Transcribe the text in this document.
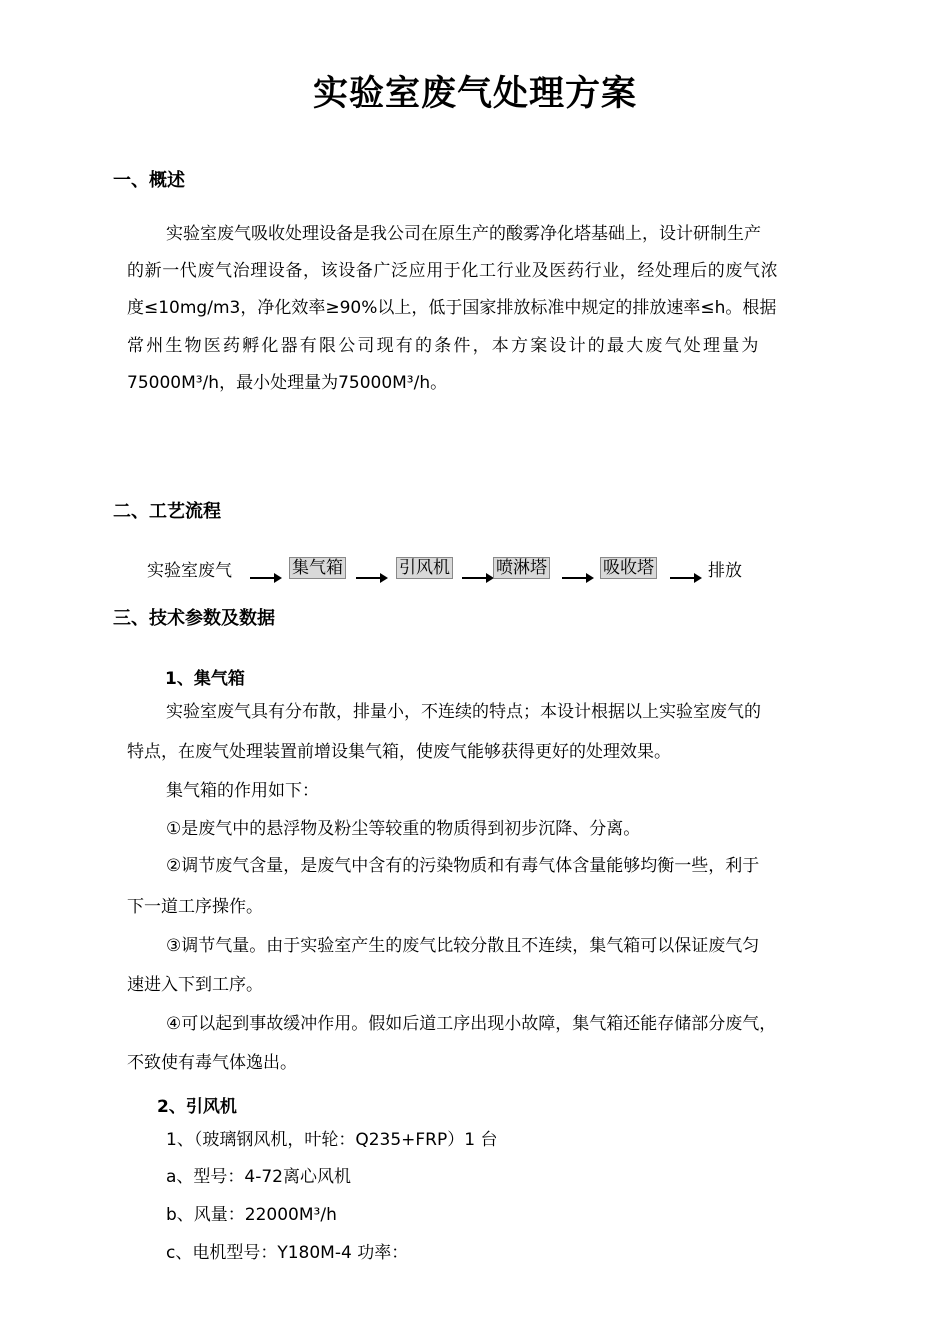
实验室废气处理方案
一、概述
实验室废气吸收处理设备是我公司在原生产的酸雾净化塔基础上，设计研制生产
的新一代废气治理设备，该设备广泛应用于化工行业及医药行业，经处理后的废气浓
度≤10mg/m3，净化效率≥90%以上，低于国家排放标准中规定的排放速率≤h。根据
常州生物医药孵化器有限公司现有的条件，本方案设计的最大废气处理量为
75000M³/h，最小处理量为75000M³/h。
二、工艺流程
实验室废气	集气箱	引风机	喷淋塔	吸收塔	排放
三、技术参数及数据
1、集气箱
实验室废气具有分布散，排量小，不连续的特点；本设计根据以上实验室废气的
特点，在废气处理装置前增设集气箱，使废气能够获得更好的处理效果。
集气箱的作用如下：
①是废气中的悬浮物及粉尘等较重的物质得到初步沉降、分离。
②调节废气含量，是废气中含有的污染物质和有毒气体含量能够均衡一些，利于
下一道工序操作。
③调节气量。由于实验室产生的废气比较分散且不连续，集气箱可以保证废气匀
速进入下到工序。
④可以起到事故缓冲作用。假如后道工序出现小故障，集气箱还能存储部分废气，
不致使有毒气体逸出。
2、引风机
1、（玻璃钢风机，叶轮：Q235+FRP）1 台
a、型号：4-72离心风机
b、风量：22000M³/h
c、电机型号：Y180M-4 功率：
